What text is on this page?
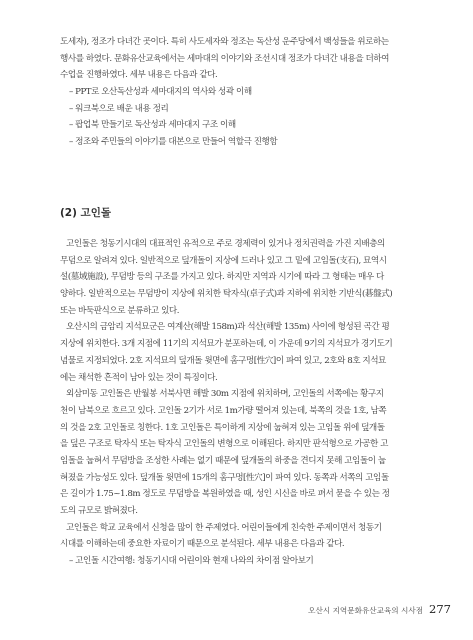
도세자), 정조가 다녀간 곳이다. 특히 사도세자와 정조는 독산성 운주당에서 백성들을 위로하는
행사를 하였다. 문화유산교육에서는 세마대의 이야기와 조선시대 정조가 다녀간 내용을 더하여
수업을 진행하였다. 세부 내용은 다음과 같다.
– PPT로 오산독산성과 세마대지의 역사와 성곽 이해
– 워크북으로 배운 내용 정리
– 팝업북 만들기로 독산성과 세마대지 구조 이해
– 정조와 주민들의 이야기를 대본으로 만들어 역할극 진행함
(2) 고인돌
고인돌은 청동기시대의 대표적인 유적으로 주로 경제력이 있거나 정치권력을 가진 지배층의
무덤으로 알려져 있다. 일반적으로 덮개돌이 지상에 드러나 있고 그 밑에 고임돌(支石), 묘역시
설(墓域施設), 무덤방 등의 구조를 가지고 있다. 하지만 지역과 시기에 따라 그 형태는 매우 다
양하다. 일반적으로는 무덤방이 지상에 위치한 탁자식(卓子式)과 지하에 위치한 기반식(碁盤式)
또는 바둑판식으로 분류하고 있다.
오산시의 금암리 지석묘군은 여계산(해발 158m)과 석산(해발 135m) 사이에 형성된 곡간 평
지상에 위치한다. 3개 지점에 11기의 지석묘가 분포하는데, 이 가운데 9기의 지석묘가 경기도기
념물로 지정되었다. 2호 지석묘의 덮개돌 윗면에 홈구멍[性穴]이 파여 있고, 2호와 8호 지석묘
에는 채석한 흔적이 남아 있는 것이 특징이다.
외삼미동 고인돌은 반월봉 서북사면 해발 30m 지점에 위치하며, 고인돌의 서쪽에는 황구지
천이 남북으로 흐르고 있다. 고인돌 2기가 서로 1m가량 떨어져 있는데, 북쪽의 것을 1호, 남쪽
의 것을 2호 고인돌로 칭한다. 1호 고인돌은 특이하게 지상에 눕혀져 있는 고임돌 위에 덮개돌
을 덮은 구조로 탁자식 또는 탁자식 고인돌의 변형으로 이해된다. 하지만 판석형으로 가공한 고
임돌을 눕혀서 무덤방을 조성한 사례는 없기 때문에 덮개돌의 하중을 견디지 못해 고임돌이 눕
혀졌을 가능성도 있다. 덮개돌 윗면에 15개의 홈구멍[性穴]이 파여 있다. 동쪽과 서쪽의 고임돌
은 길이가 1.75~1.8m 정도로 무덤방을 복원하였을 때, 성인 시신을 바로 펴서 묻을 수 있는 정
도의 규모로 밝혀졌다.
고인돌은 학교 교육에서 신청을 많이 한 주제였다. 어린이들에게 친숙한 주제이면서 청동기
시대를 이해하는데 중요한 자료이기 때문으로 분석된다. 세부 내용은 다음과 같다.
– 고인돌 시간여행: 청동기시대 어린이와 현재 나와의 차이점 알아보기
오산시 지역문화유산교육의 시사점 277
